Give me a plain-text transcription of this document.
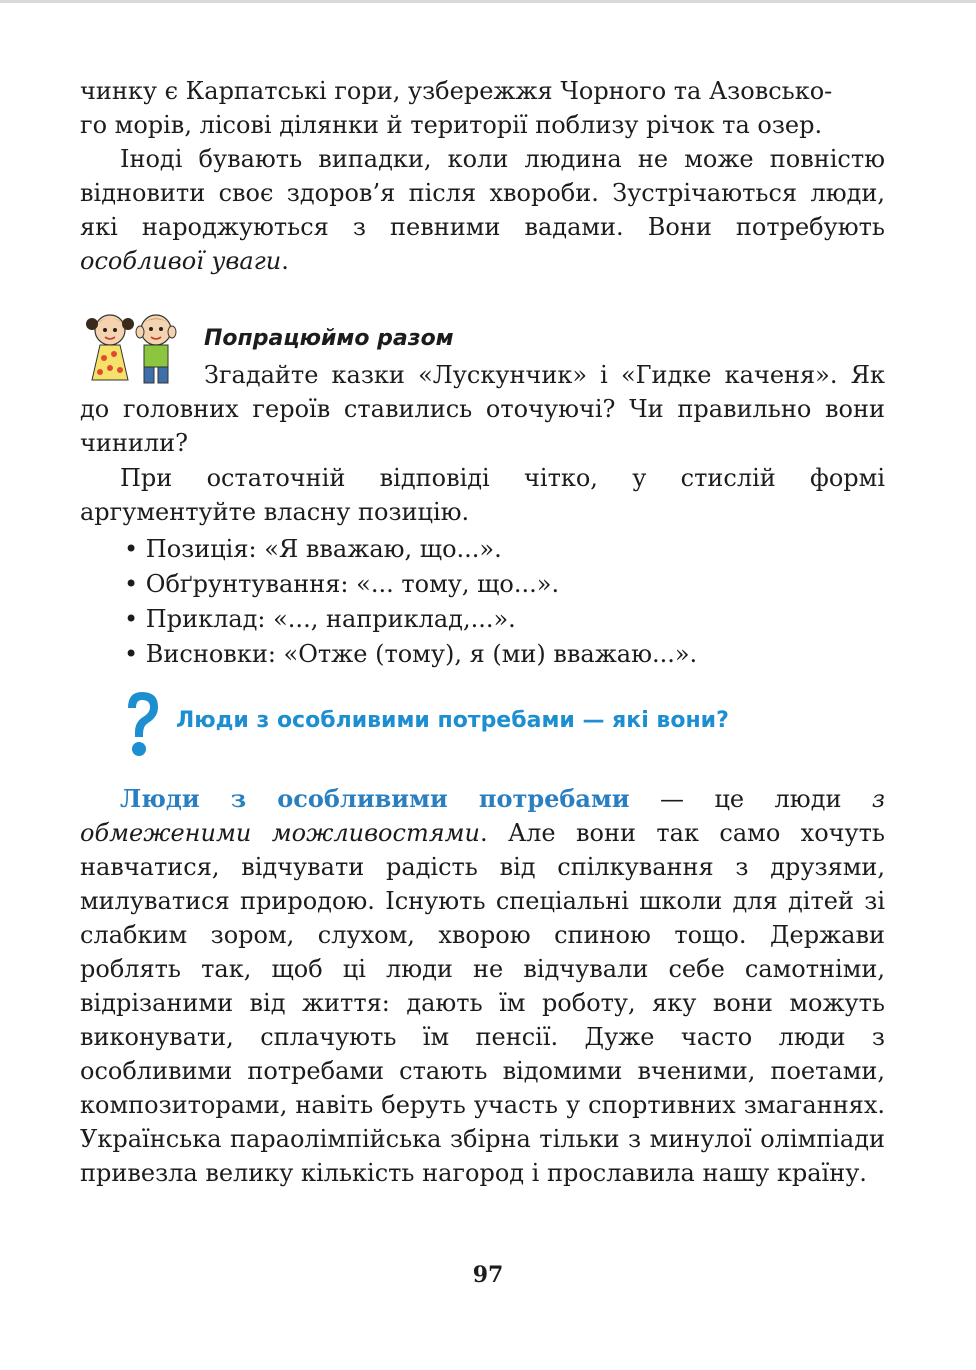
чинку є Карпатські гори, узбережжя Чорного та Азовсько-

го морів, лісові ділянки й території поблизу річок та озер.

Іноді бувають випадки, коли людина не може повністю відновити своє здоров’я після хвороби. Зустрічаються люди, які народжуються з певними вадами. Вони потребують особливої уваги.

Попрацюймо разом

Згадайте казки «Лускунчик» і «Гидке каченя». Як до головних героїв ставились оточуючі? Чи правильно вони чинили?

При остаточній відповіді чітко, у стислій формі аргументуйте власну позицію.

• Позиція: «Я вважаю, що...».
• Обґрунтування: «... тому, що...».
• Приклад: «..., наприклад,...».
• Висновки: «Отже (тому), я (ми) вважаю...».
Люди з особливими потребами — які вони?

Люди з особливими потребами — це люди з обмеженими можливостями. Але вони так само хочуть навчатися, відчувати радість від спілкування з друзями, милуватися природою. Існують спеціальні школи для дітей зі слабким зором, слухом, хворою спиною тощо. Держави роблять так, щоб ці люди не відчували себе самотніми, відрізаними від життя: дають їм роботу, яку вони можуть виконувати, сплачують їм пенсії. Дуже часто люди з особливими потребами стають відомими вченими, поетами, композиторами, навіть беруть участь у спортивних змаганнях. Українська параолімпійська збірна тільки з минулої олімпіади привезла велику кількість нагород і прославила нашу країну.

97
